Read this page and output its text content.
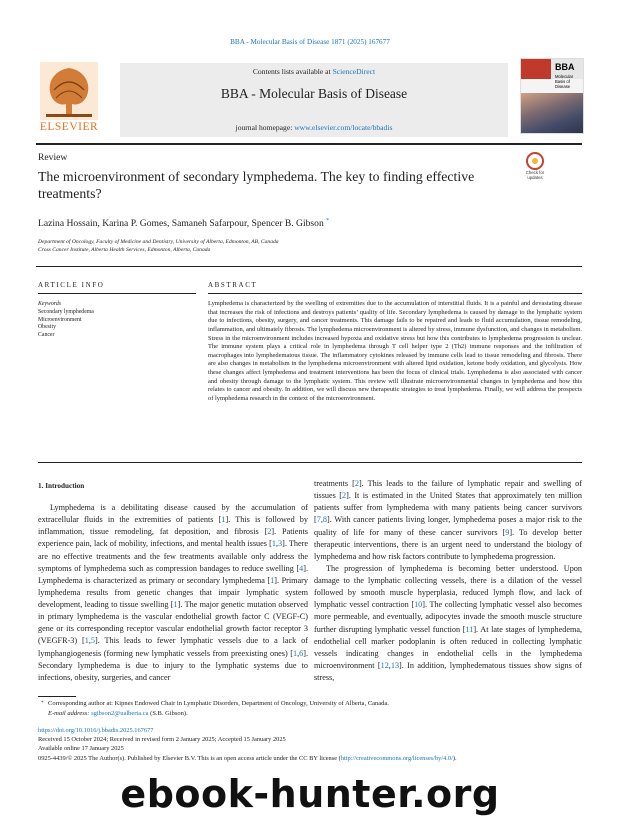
BBA - Molecular Basis of Disease 1871 (2025) 167677
ELSEVIER
Contents lists available at ScienceDirect
BBA - Molecular Basis of Disease
journal homepage: www.elsevier.com/locate/bbadis
BBA
Molecular Basis of Disease
Review
The microenvironment of secondary lymphedema. The key to finding effective treatments?
Check for updates
Lazina Hossain, Karina P. Gomes, Samaneh Safarpour, Spencer B. Gibson *
Department of Oncology, Faculty of Medicine and Dentistry, University of Alberta, Edmonton, AB, Canada
Cross Cancer Institute, Alberta Health Services, Edmonton, Alberta, Canada
ARTICLE INFO	ABSTRACT
Keywords
Secondary lymphedema
Microenvironment
Obesity
Cancer
Lymphedema is characterized by the swelling of extremities due to the accumulation of interstitial fluids. It is a painful and devastating disease that increases the risk of infections and destroys patients’ quality of life. Secondary lymphedema is caused by damage to the lymphatic system due to infections, obesity, surgery, and cancer treatments. This damage fails to be repaired and leads to fluid accumulation, tissue remodeling, inflammation, and ultimately fibrosis. The lymphedema microenvironment is altered by stress, immune dysfunction, and changes in metabolism. Stress in the microenvironment includes increased hypoxia and oxidative stress but how this contributes to lymphedema progression is unclear. The immune system plays a critical role in lymphedema through T cell helper type 2 (Th2) immune responses and the infiltration of macrophages into lymphedematous tissue. The inflammatory cytokines released by immune cells lead to tissue remodeling and fibrosis. There are also changes in metabolism in the lymphedema microenvironment with altered lipid oxidation, ketone body oxidation, and glycolysis. How these changes affect lymphedema and treatment interventions has been the focus of clinical trials. Lymphedema is also associated with cancer and obesity through damage to the lymphatic system. This review will illustrate microenvironmental changes in lymphedema and how this relates to cancer and obesity. In addition, we will discuss new therapeutic strategies to treat lymphedema. Finally, we will address the prospects of lymphedema research in the context of the microenvironment.
1. Introduction

Lymphedema is a debilitating disease caused by the accumulation of extracellular fluids in the extremities of patients [1]. This is followed by inflammation, tissue remodeling, fat deposition, and fibrosis [2]. Patients experience pain, lack of mobility, infections, and mental health issues [1,3]. There are no effective treatments and the few treatments available only address the symptoms of lymphedema such as compression bandages to reduce swelling [4]. Lymphedema is characterized as primary or secondary lymphedema [1]. Primary lymphedema results from genetic changes that impair lymphatic system development, leading to tissue swelling [1]. The major genetic mutation observed in primary lymphedema is the vascular endothelial growth factor C (VEGF-C) gene or its corresponding receptor vascular endothelial growth factor receptor 3 (VEGFR-3) [1,5]. This leads to fewer lymphatic vessels due to a lack of lymphangiogenesis (forming new lymphatic vessels from preexisting ones) [1,6]. Secondary lymphedema is due to injury to the lymphatic systems due to infections, obesity, surgeries, and cancer

treatments [2]. This leads to the failure of lymphatic repair and swelling of tissues [2]. It is estimated in the United States that approximately ten million patients suffer from lymphedema with many patients being cancer survivors [7,8]. With cancer patients living longer, lymphedema poses a major risk to the quality of life for many of these cancer survivors [9]. To develop better therapeutic interventions, there is an urgent need to understand the biology of lymphedema and how risk factors contribute to lymphedema progression.

The progression of lymphedema is becoming better understood. Upon damage to the lymphatic collecting vessels, there is a dilation of the vessel followed by smooth muscle hyperplasia, reduced lymph flow, and lack of lymphatic vessel contraction [10]. The collecting lymphatic vessel also becomes more permeable, and eventually, adipocytes invade the smooth muscle structure further disrupting lymphatic vessel function [11]. At late stages of lymphedema, endothelial cell marker podoplanin is often reduced in collecting lymphatic vessels indicating changes in endothelial cells in the lymphedema microenvironment [12,13]. In addition, lymphedematous tissues show signs of stress,

* Corresponding author at: Kipnes Endowed Chair in Lymphatic Disorders, Department of Oncology, University of Alberta, Canada.
E-mail address: sgibson2@ualberta.ca (S.B. Gibson).
https://doi.org/10.1016/j.bbadis.2025.167677
Received 15 October 2024; Received in revised form 2 January 2025; Accepted 15 January 2025
Available online 17 January 2025
0925-4439/© 2025 The Author(s). Published by Elsevier B.V. This is an open access article under the CC BY license (http://creativecommons.org/licenses/by/4.0/).
ebook-hunter.org
